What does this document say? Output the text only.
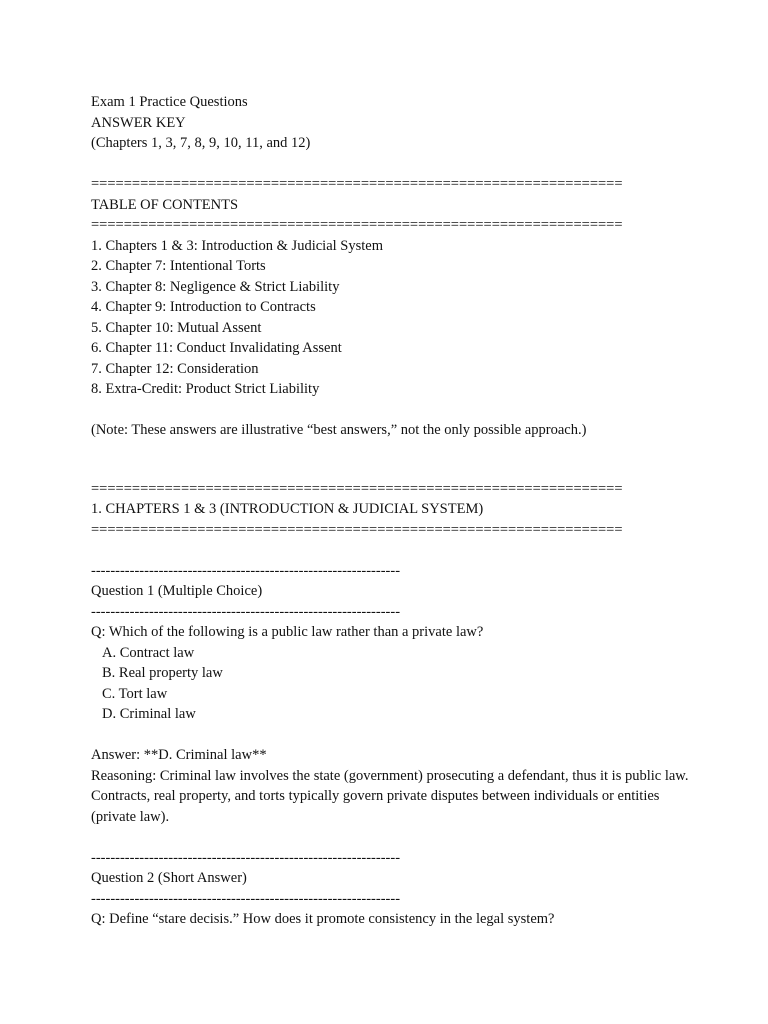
Exam 1 Practice Questions
ANSWER KEY
(Chapters 1, 3, 7, 8, 9, 10, 11, and 12)
=================================================================
TABLE OF CONTENTS
=================================================================
1. Chapters 1 & 3: Introduction & Judicial System
2. Chapter 7: Intentional Torts
3. Chapter 8: Negligence & Strict Liability
4. Chapter 9: Introduction to Contracts
5. Chapter 10: Mutual Assent
6. Chapter 11: Conduct Invalidating Assent
7. Chapter 12: Consideration
8. Extra-Credit: Product Strict Liability
(Note: These answers are illustrative “best answers,” not the only possible approach.)
=================================================================
1. CHAPTERS 1 & 3 (INTRODUCTION & JUDICIAL SYSTEM)
=================================================================
----------------------------------------------------------------
Question 1 (Multiple Choice)
----------------------------------------------------------------
Q: Which of the following is a public law rather than a private law?
A. Contract law
B. Real property law
C. Tort law
D. Criminal law
Answer: **D. Criminal law**
Reasoning: Criminal law involves the state (government) prosecuting a defendant, thus it is public law. Contracts, real property, and torts typically govern private disputes between individuals or entities (private law).
----------------------------------------------------------------
Question 2 (Short Answer)
----------------------------------------------------------------
Q: Define “stare decisis.” How does it promote consistency in the legal system?
